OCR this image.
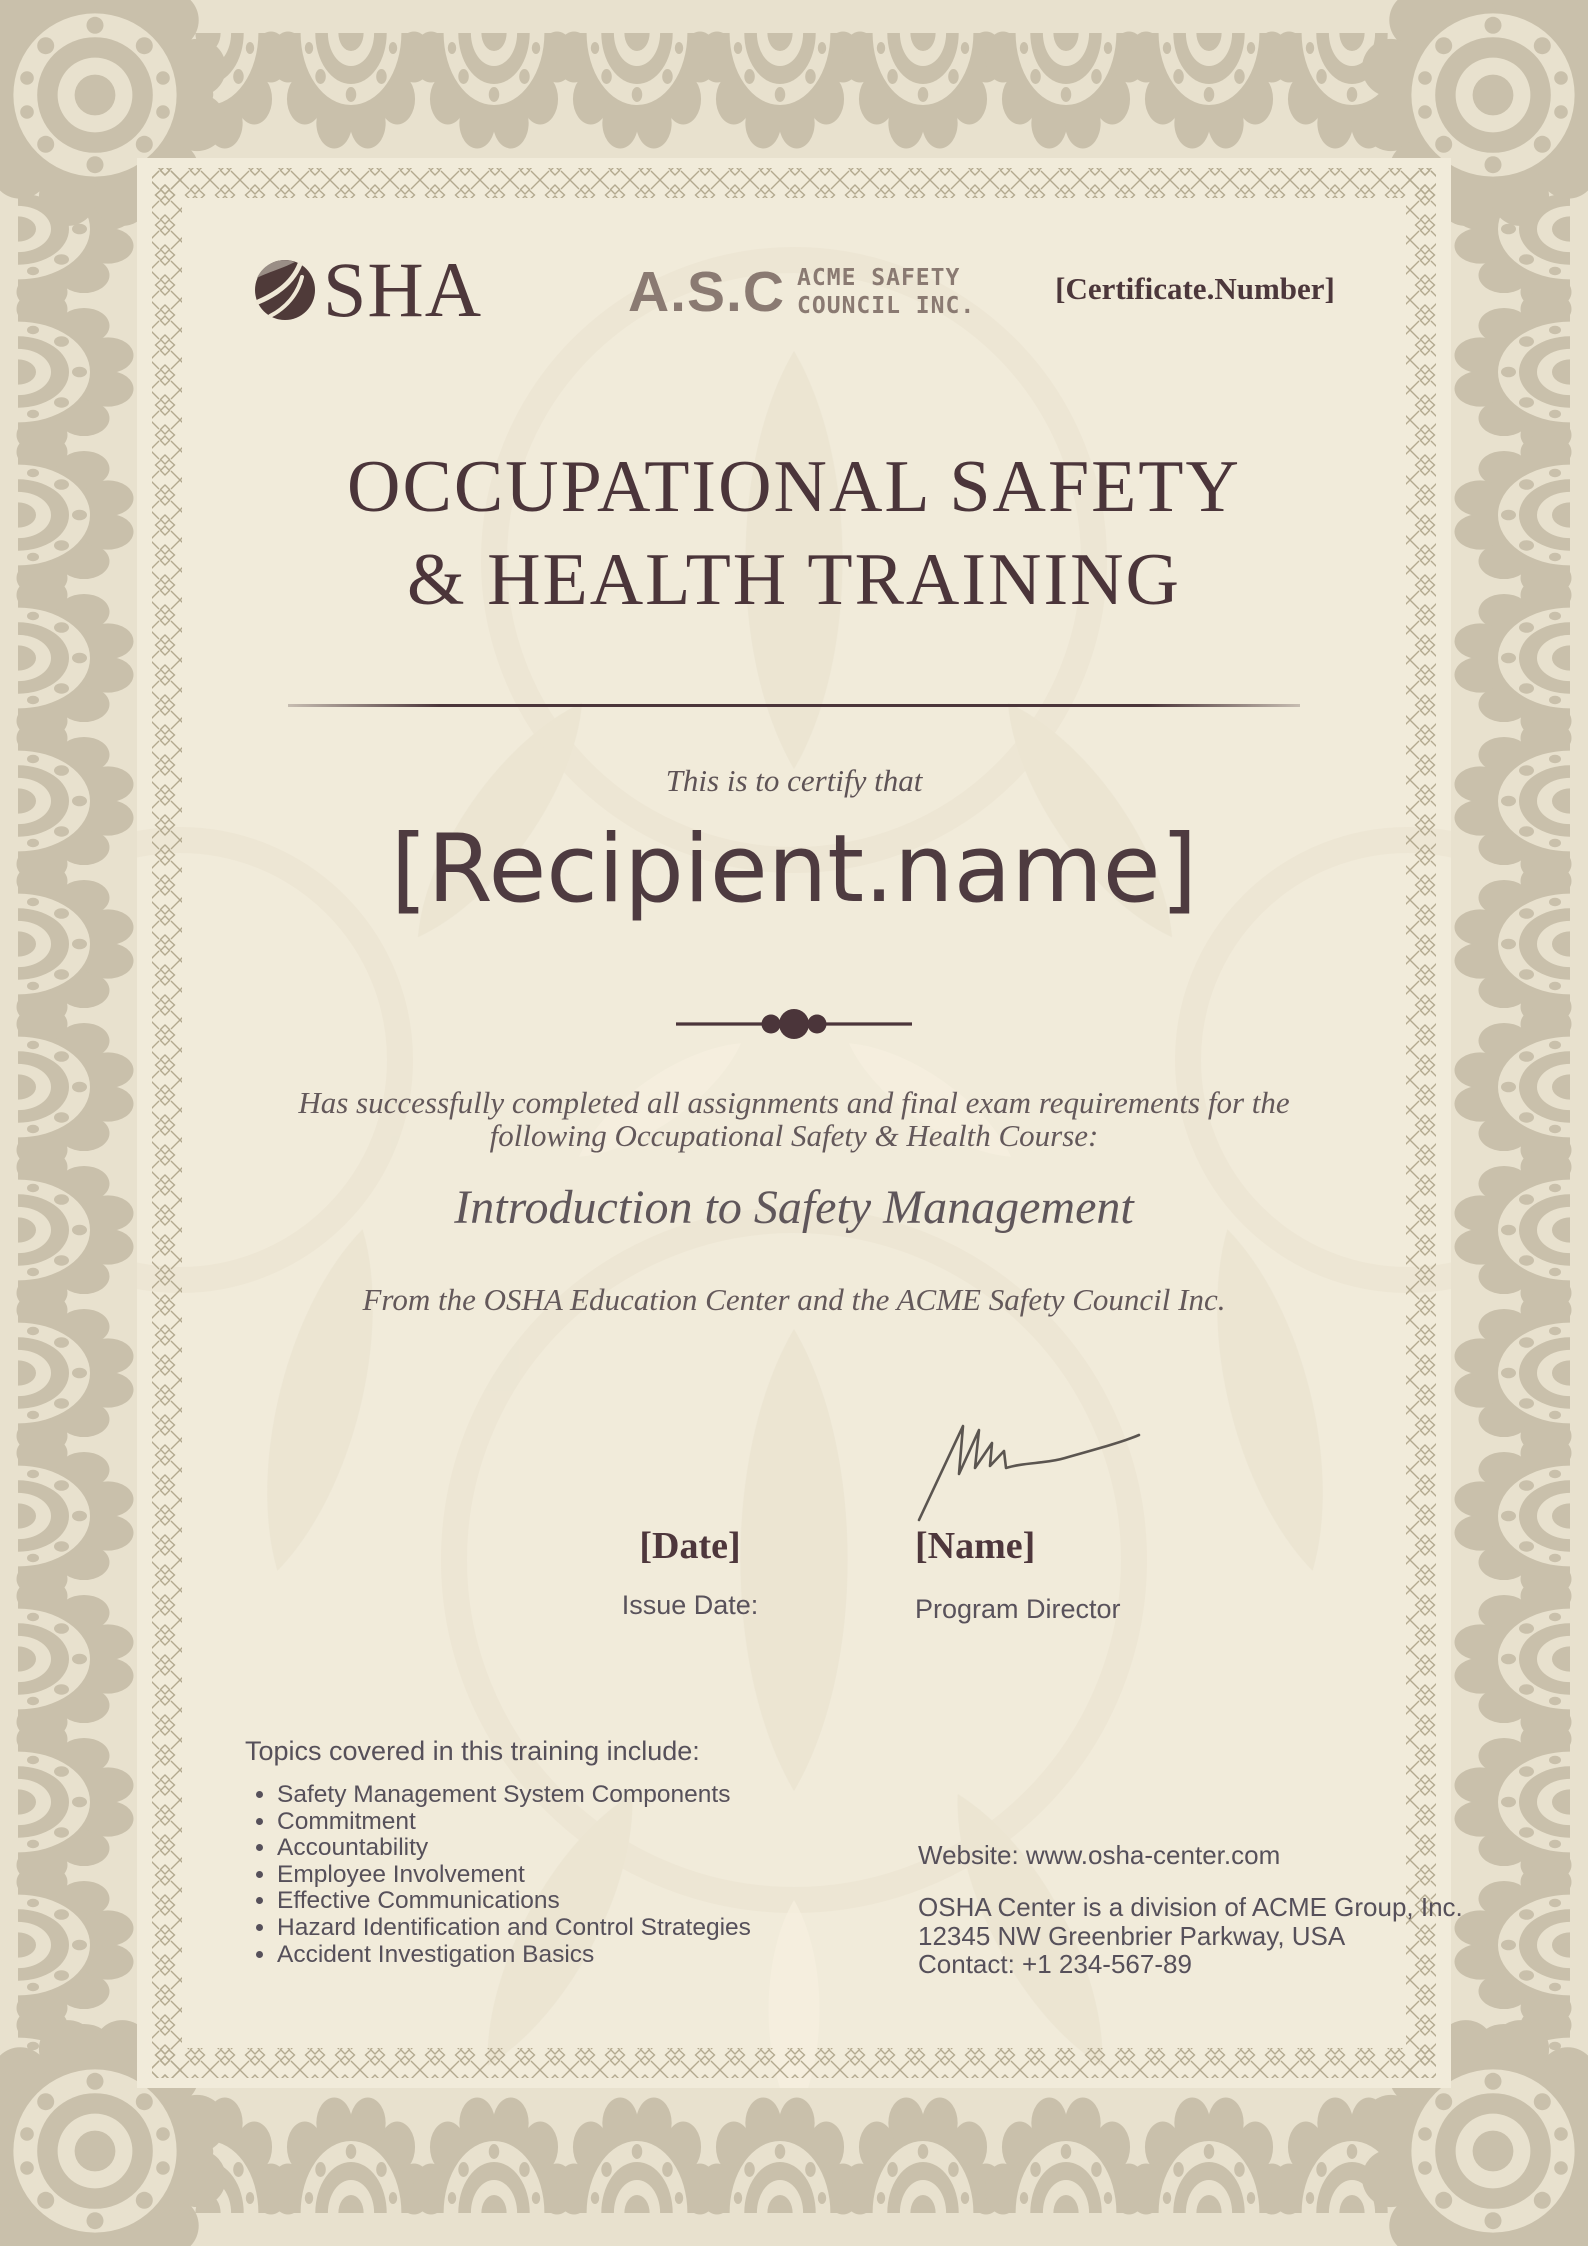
SHA	A.S.C ACME SAFETY
COUNCIL INC.	[Certificate.Number]
OCCUPATIONAL SAFETY
& HEALTH TRAINING
This is to certify that
[Recipient.name]
Has successfully completed all assignments and final exam requirements for the
following Occupational Safety & Health Course:
Introduction to Safety Management
From the OSHA Education Center and the ACME Safety Council Inc.
[Date]	[Name]
Issue Date:	Program Director
Topics covered in this training include:
• Safety Management System Components
• Commitment
• Accountability
• Employee Involvement
• Effective Communications
• Hazard Identification and Control Strategies
• Accident Investigation Basics
Website: www.osha-center.com
OSHA Center is a division of ACME Group, Inc.
12345 NW Greenbrier Parkway, USA
Contact: +1 234-567-89
